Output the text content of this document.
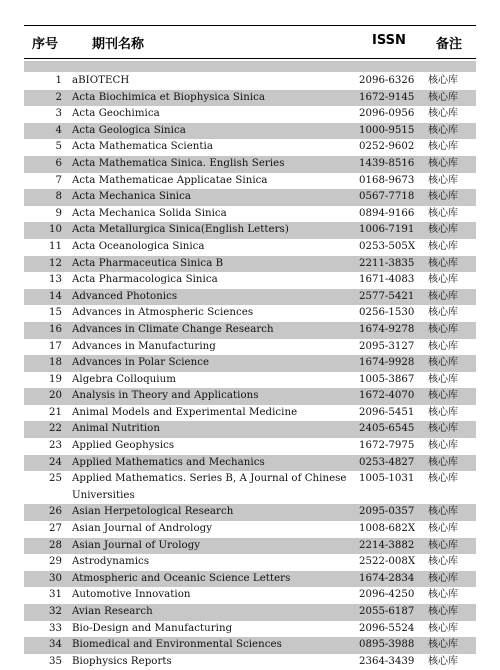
序号	期刊名称	ISSN 备注
1 aBIOTECH	2096-6326	核心库
2 Acta Biochimica et Biophysica Sinica	1672-9145	核心库
3 Acta Geochimica	2096-0956	核心库
4 Acta Geologica Sinica	1000-9515	核心库
5 Acta Mathematica Scientia	0252-9602	核心库
6 Acta Mathematica Sinica. English Series	1439-8516	核心库
7 Acta Mathematicae Applicatae Sinica	0168-9673	核心库
8 Acta Mechanica Sinica	0567-7718	核心库
9 Acta Mechanica Solida Sinica	0894-9166	核心库
10 Acta Metallurgica Sinica(English Letters)	1006-7191	核心库
11 Acta Oceanologica Sinica	0253-505X	核心库
12 Acta Pharmaceutica Sinica B	2211-3835	核心库
13 Acta Pharmacologica Sinica	1671-4083	核心库
14 Advanced Photonics	2577-5421	核心库
15 Advances in Atmospheric Sciences	0256-1530	核心库
16 Advances in Climate Change Research	1674-9278	核心库
17 Advances in Manufacturing	2095-3127	核心库
18 Advances in Polar Science	1674-9928	核心库
19 Algebra Colloquium	1005-3867	核心库
20 Analysis in Theory and Applications	1672-4070	核心库
21 Animal Models and Experimental Medicine	2096-5451	核心库
22 Animal Nutrition	2405-6545	核心库
23 Applied Geophysics	1672-7975	核心库
24 Applied Mathematics and Mechanics	0253-4827	核心库
25 Applied Mathematics. Series B, A Journal of Chinese Universities
1005-1031	核心库
26 Asian Herpetological Research	2095-0357	核心库
27 Asian Journal of Andrology	1008-682X	核心库
28 Asian Journal of Urology	2214-3882	核心库
29 Astrodynamics	2522-008X	核心库
30 Atmospheric and Oceanic Science Letters	1674-2834	核心库
31 Automotive Innovation	2096-4250	核心库
32 Avian Research	2055-6187	核心库
33 Bio-Design and Manufacturing	2096-5524	核心库
34 Biomedical and Environmental Sciences	0895-3988	核心库
35 Biophysics Reports	2364-3439	核心库
